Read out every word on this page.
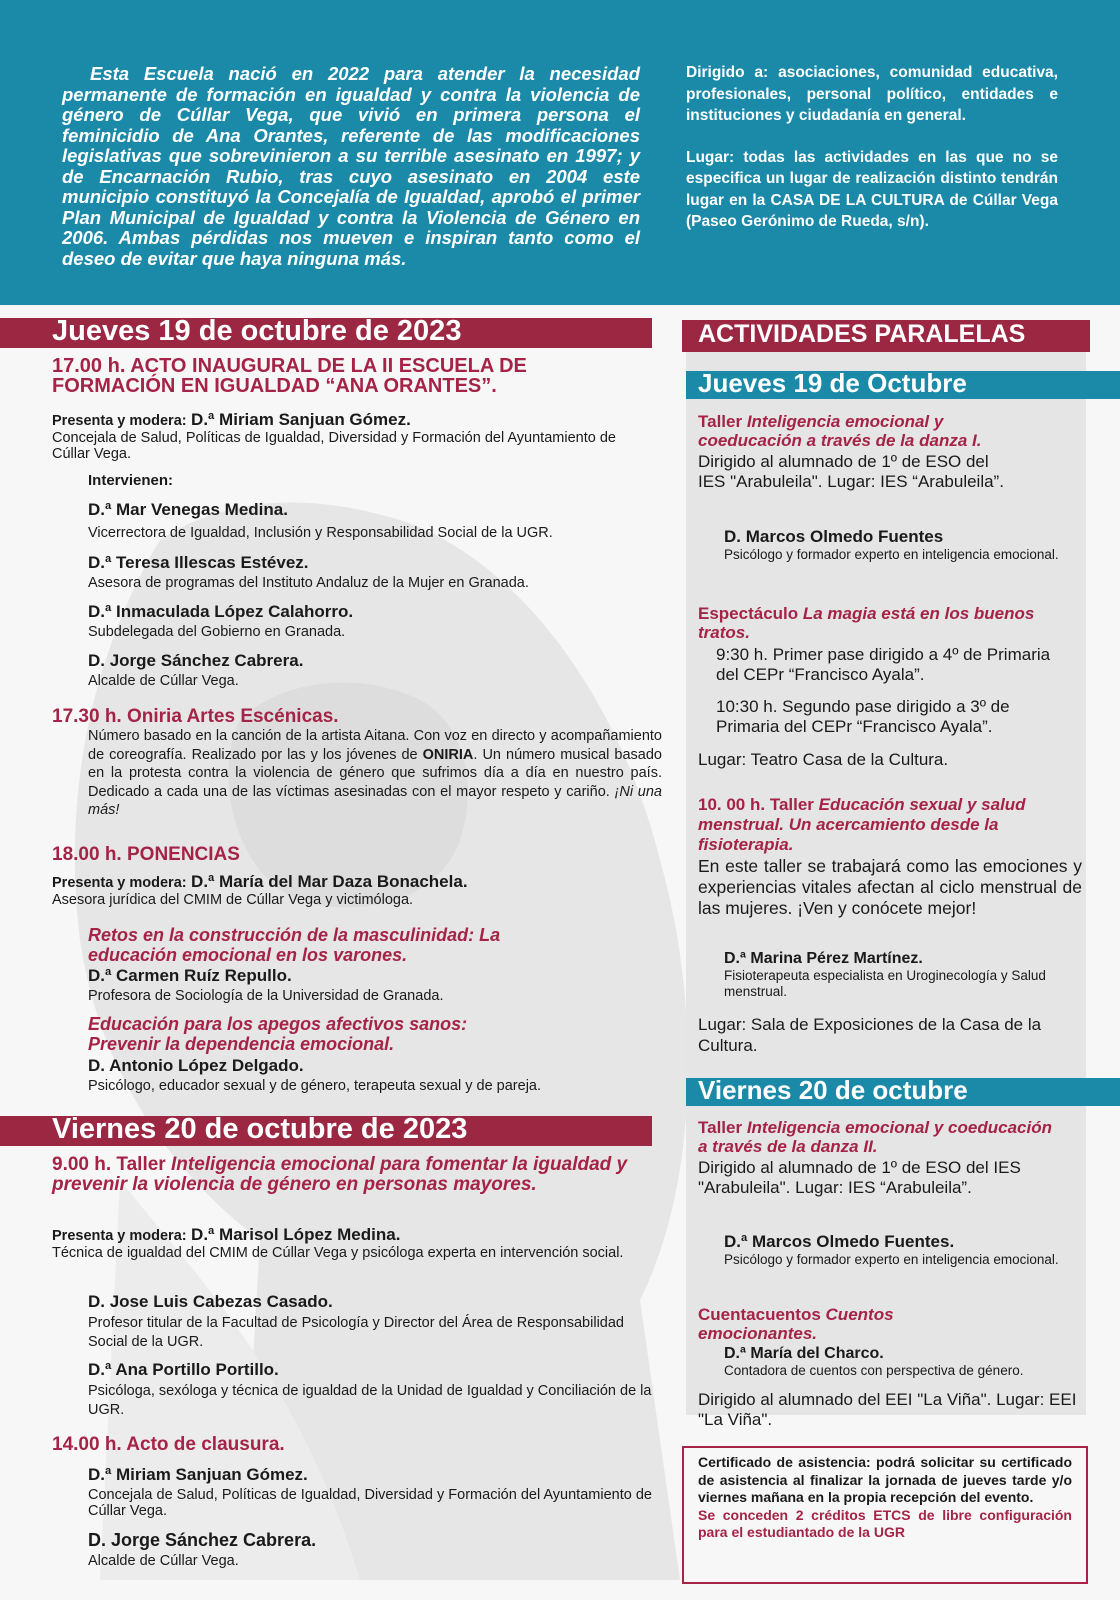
Esta Escuela nació en 2022 para atender la necesidad permanente de formación en igualdad y contra la violencia de género de Cúllar Vega, que vivió en primera persona el feminicidio de Ana Orantes, referente de las modificaciones legislativas que sobrevinieron a su terrible asesinato en 1997; y de Encarnación Rubio, tras cuyo asesinato en 2004 este municipio constituyó la Concejalía de Igualdad, aprobó el primer Plan Municipal de Igualdad y contra la Violencia de Género en 2006. Ambas pérdidas nos mueven e inspiran tanto como el deseo de evitar que haya ninguna más.

Dirigido a: asociaciones, comunidad educativa, profesionales, personal político, entidades e instituciones y ciudadanía en general.

Lugar: todas las actividades en las que no se especifica un lugar de realización distinto tendrán lugar en la CASA DE LA CULTURA de Cúllar Vega (Paseo Gerónimo de Rueda, s/n).

Jueves 19 de octubre de 2023
17.00 h. ACTO INAUGURAL DE LA II ESCUELA DE FORMACIÓN EN IGUALDAD “ANA ORANTES”.
Presenta y modera: D.ª Miriam Sanjuan Gómez.
Concejala de Salud, Políticas de Igualdad, Diversidad y Formación del Ayuntamiento de Cúllar Vega.
Intervienen:
D.ª Mar Venegas Medina.
Vicerrectora de Igualdad, Inclusión y Responsabilidad Social de la UGR.
D.ª Teresa Illescas Estévez.
Asesora de programas del Instituto Andaluz de la Mujer en Granada.
D.ª Inmaculada López Calahorro.
Subdelegada del Gobierno en Granada.
D. Jorge Sánchez Cabrera.
Alcalde de Cúllar Vega.
17.30 h. Oniria Artes Escénicas.
Número basado en la canción de la artista Aitana. Con voz en directo y acompañamiento de coreografía. Realizado por las y los jóvenes de ONIRIA. Un número musical basado en la protesta contra la violencia de género que sufrimos día a día en nuestro país. Dedicado a cada una de las víctimas asesinadas con el mayor respeto y cariño. ¡Ni una más!
18.00 h. PONENCIAS
Presenta y modera: D.ª María del Mar Daza Bonachela.
Asesora jurídica del CMIM de Cúllar Vega y victimóloga.
Retos en la construcción de la masculinidad: La educación emocional en los varones.
D.ª Carmen Ruíz Repullo.
Profesora de Sociología de la Universidad de Granada.
Educación para los apegos afectivos sanos: Prevenir la dependencia emocional.
D. Antonio López Delgado.
Psicólogo, educador sexual y de género, terapeuta sexual y de pareja.
Viernes 20 de octubre de 2023
9.00 h. Taller Inteligencia emocional para fomentar la igualdad y prevenir la violencia de género en personas mayores.
Presenta y modera: D.ª Marisol López Medina.
Técnica de igualdad del CMIM de Cúllar Vega y psicóloga experta en intervención social.
D. Jose Luis Cabezas Casado.
Profesor titular de la Facultad de Psicología y Director del Área de Responsabilidad Social de la UGR.
D.ª Ana Portillo Portillo.
Psicóloga, sexóloga y técnica de igualdad de la Unidad de Igualdad y Conciliación de la UGR.
14.00 h. Acto de clausura.
D.ª Miriam Sanjuan Gómez.
Concejala de Salud, Políticas de Igualdad, Diversidad y Formación del Ayuntamiento de Cúllar Vega.
D. Jorge Sánchez Cabrera.
Alcalde de Cúllar Vega.
ACTIVIDADES PARALELAS
Jueves 19 de Octubre
Taller Inteligencia emocional y coeducación a través de la danza I.
Dirigido al alumnado de 1º de ESO del IES "Arabuleila". Lugar: IES “Arabuleila”.
D. Marcos Olmedo Fuentes
Psicólogo y formador experto en inteligencia emocional.
Espectáculo La magia está en los buenos tratos.
9:30 h. Primer pase dirigido a 4º de Primaria del CEPr “Francisco Ayala”.
10:30 h. Segundo pase dirigido a 3º de Primaria del CEPr “Francisco Ayala”.
Lugar: Teatro Casa de la Cultura.
10. 00 h. Taller Educación sexual y salud menstrual. Un acercamiento desde la fisioterapia.
En este taller se trabajará como las emociones y experiencias vitales afectan al ciclo menstrual de las mujeres. ¡Ven y conócete mejor!
D.ª Marina Pérez Martínez.
Fisioterapeuta especialista en Uroginecología y Salud menstrual.
Lugar: Sala de Exposiciones de la Casa de la Cultura.
Viernes 20 de octubre
Taller Inteligencia emocional y coeducación a través de la danza II.
Dirigido al alumnado de 1º de ESO del IES "Arabuleila". Lugar: IES “Arabuleila”.
D.ª Marcos Olmedo Fuentes.
Psicólogo y formador experto en inteligencia emocional.
Cuentacuentos Cuentos emocionantes.
D.ª María del Charco.
Contadora de cuentos con perspectiva de género.
Dirigido al alumnado del EEI "La Viña". Lugar: EEI "La Viña".
Certificado de asistencia: podrá solicitar su certificado de asistencia al finalizar la jornada de jueves tarde y/o viernes mañana en la propia recepción del evento.
Se conceden 2 créditos ETCS de libre configuración para el estudiantado de la UGR
